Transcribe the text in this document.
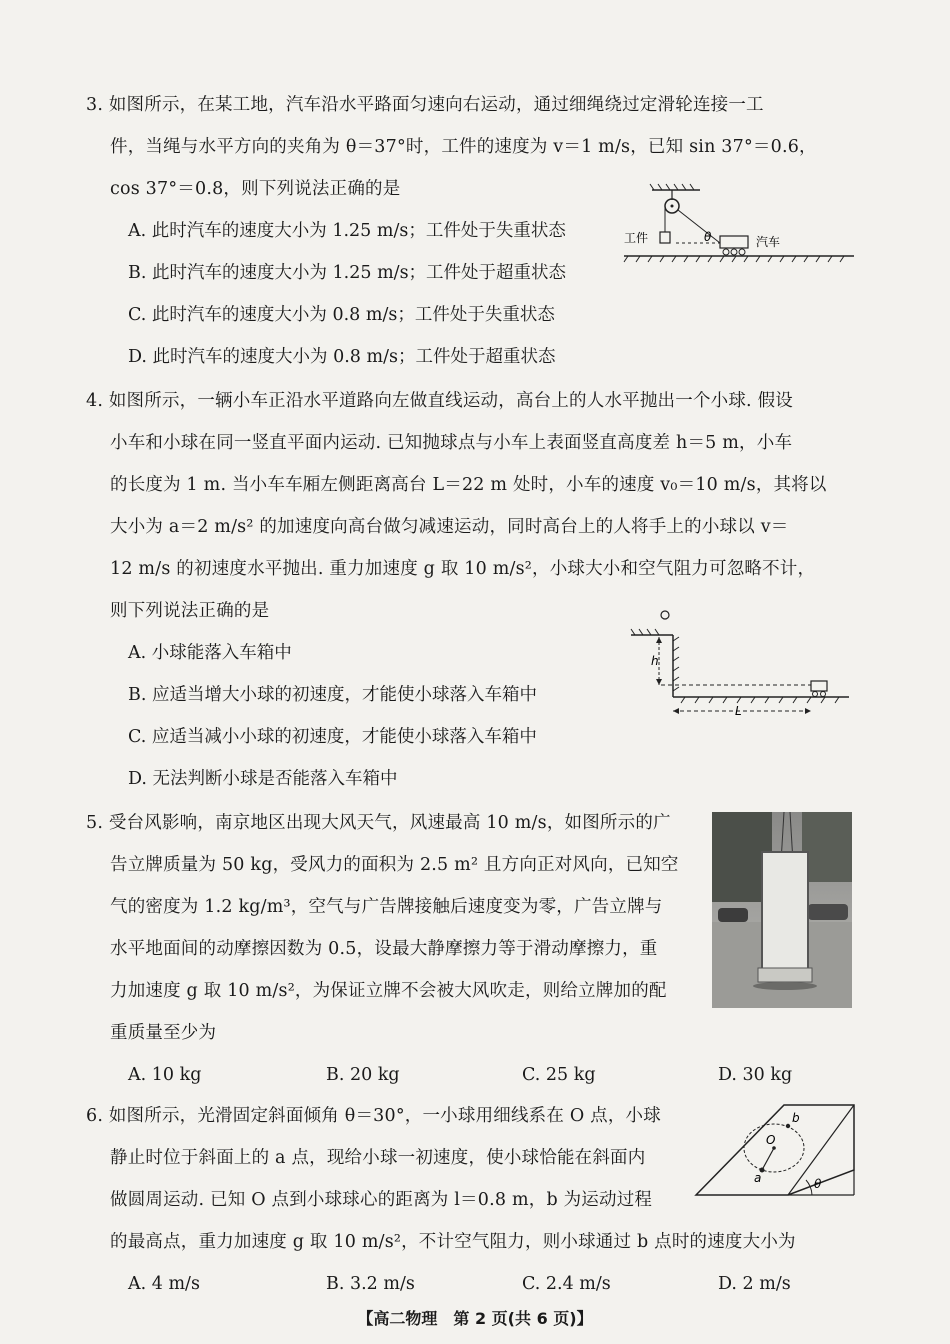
3. 如图所示，在某工地，汽车沿水平路面匀速向右运动，通过细绳绕过定滑轮连接一工
件，当绳与水平方向的夹角为 θ＝37°时，工件的速度为 v＝1 m/s，已知 sin 37°＝0.6，
cos 37°＝0.8，则下列说法正确的是
A. 此时汽车的速度大小为 1.25 m/s；工件处于失重状态
B. 此时汽车的速度大小为 1.25 m/s；工件处于超重状态
C. 此时汽车的速度大小为 0.8 m/s；工件处于失重状态
D. 此时汽车的速度大小为 0.8 m/s；工件处于超重状态
工件	汽车
θ
4. 如图所示，一辆小车正沿水平道路向左做直线运动，高台上的人水平抛出一个小球. 假设
小车和小球在同一竖直平面内运动. 已知抛球点与小车上表面竖直高度差 h＝5 m，小车
的长度为 1 m. 当小车车厢左侧距离高台 L＝22 m 处时，小车的速度 v₀＝10 m/s，其将以
大小为 a＝2 m/s² 的加速度向高台做匀减速运动，同时高台上的人将手上的小球以 v＝
12 m/s 的初速度水平抛出. 重力加速度 g 取 10 m/s²，小球大小和空气阻力可忽略不计，
则下列说法正确的是
A. 小球能落入车箱中
B. 应适当增大小球的初速度，才能使小球落入车箱中
C. 应适当减小小球的初速度，才能使小球落入车箱中
D. 无法判断小球是否能落入车箱中
h
L
5. 受台风影响，南京地区出现大风天气，风速最高 10 m/s，如图所示的广
告立牌质量为 50 kg，受风力的面积为 2.5 m² 且方向正对风向，已知空
气的密度为 1.2 kg/m³，空气与广告牌接触后速度变为零，广告立牌与
水平地面间的动摩擦因数为 0.5，设最大静摩擦力等于滑动摩擦力，重
力加速度 g 取 10 m/s²，为保证立牌不会被大风吹走，则给立牌加的配
重质量至少为
A. 10 kg	B. 20 kg	C. 25 kg	D. 30 kg
6. 如图所示，光滑固定斜面倾角 θ＝30°，一小球用细线系在 O 点，小球
静止时位于斜面上的 a 点，现给小球一初速度，使小球恰能在斜面内
做圆周运动. 已知 O 点到小球球心的距离为 l＝0.8 m，b 为运动过程
的最高点，重力加速度 g 取 10 m/s²，不计空气阻力，则小球通过 b 点时的速度大小为
A. 4 m/s	B. 3.2 m/s	C. 2.4 m/s	D. 2 m/s
O
a
b
θ
【高二物理　第 2 页(共 6 页)】
